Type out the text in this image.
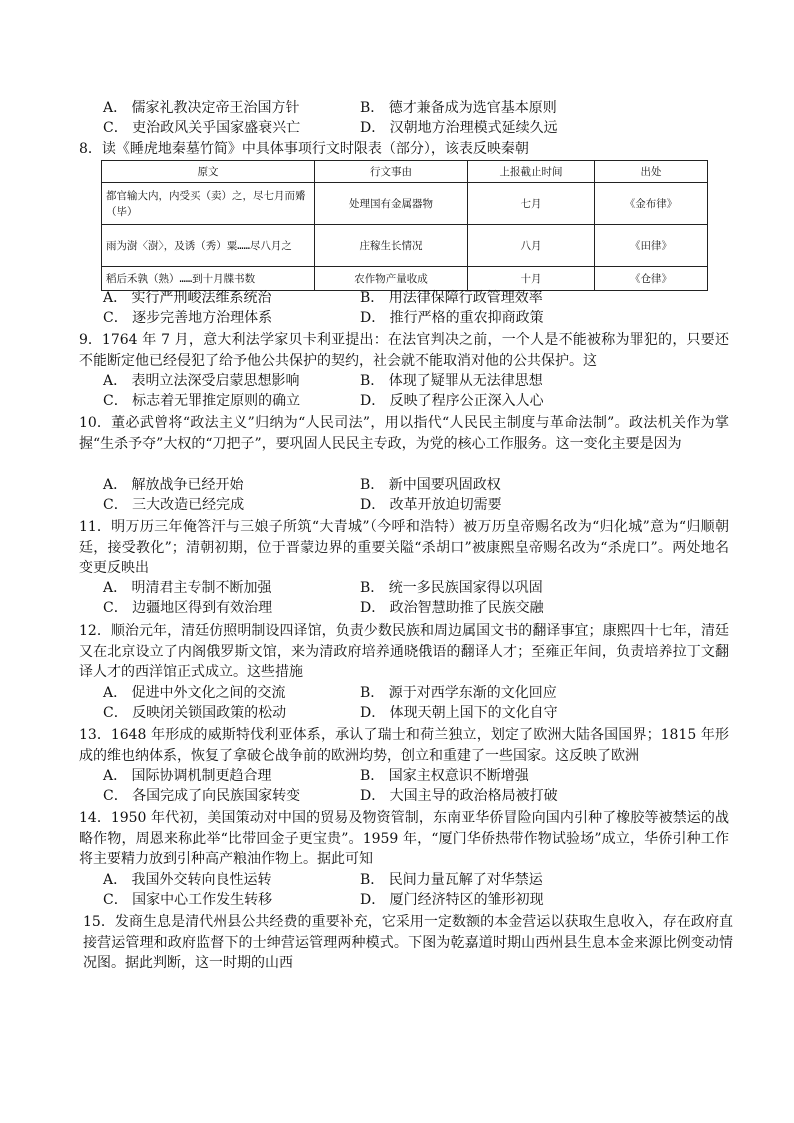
A． 儒家礼教决定帝王治国方针	B． 德才兼备成为选官基本原则
C． 吏治政风关乎国家盛衰兴亡	D． 汉朝地方治理模式延续久远
8．读《睡虎地秦墓竹简》中具体事项行文时限表（部分），该表反映秦朝
原文	行文事由	上报截止时间	出处
都官输大内，内受买（卖）之，尽七月而觱（毕）	处理国有金属器物	七月	《金布律》
雨为澍〈澍〉，及诱（秀）粟……尽八月之	庄稼生长情况	八月	《田律》
稻后禾孰（熟）……到十月牒书数	农作物产量收成	十月	《仓律》
A． 实行严刑峻法维系统治	B． 用法律保障行政管理效率
C． 逐步完善地方治理体系	D． 推行严格的重农抑商政策
9．1764 年 7 月，意大利法学家贝卡利亚提出：在法官判决之前，一个人是不能被称为罪犯的，只要还不能断定他已经侵犯了给予他公共保护的契约，社会就不能取消对他的公共保护。这
A． 表明立法深受启蒙思想影响	B． 体现了疑罪从无法律思想
C． 标志着无罪推定原则的确立	D． 反映了程序公正深入人心
10．董必武曾将“政法主义”归纳为“人民司法”，用以指代“人民民主制度与革命法制”。政法机关作为掌握“生杀予夺”大权的“刀把子”，要巩固人民民主专政，为党的核心工作服务。这一变化主要是因为
A． 解放战争已经开始	B． 新中国要巩固政权
C． 三大改造已经完成	D． 改革开放迫切需要
11．明万历三年俺答汗与三娘子所筑“大青城”（今呼和浩特）被万历皇帝赐名改为“归化城”意为“归顺朝廷，接受教化”；清朝初期，位于晋蒙边界的重要关隘“杀胡口”被康熙皇帝赐名改为“杀虎口”。两处地名变更反映出
A． 明清君主专制不断加强	B． 统一多民族国家得以巩固
C． 边疆地区得到有效治理	D． 政治智慧助推了民族交融
12．顺治元年，清廷仿照明制设四译馆，负责少数民族和周边属国文书的翻译事宜；康熙四十七年，清廷又在北京设立了内阁俄罗斯文馆，来为清政府培养通晓俄语的翻译人才；至雍正年间，负责培养拉丁文翻译人才的西洋馆正式成立。这些措施
A． 促进中外文化之间的交流	B． 源于对西学东渐的文化回应
C． 反映闭关锁国政策的松动	D． 体现天朝上国下的文化自守
13．1648 年形成的威斯特伐利亚体系，承认了瑞士和荷兰独立，划定了欧洲大陆各国国界；1815 年形成的维也纳体系，恢复了拿破仑战争前的欧洲均势，创立和重建了一些国家。这反映了欧洲
A． 国际协调机制更趋合理	B． 国家主权意识不断增强
C． 各国完成了向民族国家转变	D． 大国主导的政治格局被打破
14．1950 年代初，美国策动对中国的贸易及物资管制，东南亚华侨冒险向国内引种了橡胶等被禁运的战略作物，周恩来称此举“比带回金子更宝贵”。1959 年，“厦门华侨热带作物试验场”成立，华侨引种工作将主要精力放到引种高产粮油作物上。据此可知
A． 我国外交转向良性运转	B． 民间力量瓦解了对华禁运
C． 国家中心工作发生转移	D． 厦门经济特区的雏形初现
15．发商生息是清代州县公共经费的重要补充，它采用一定数额的本金营运以获取生息收入，存在政府直接营运管理和政府监督下的士绅营运管理两种模式。下图为乾嘉道时期山西州县生息本金来源比例变动情况图。据此判断，这一时期的山西
